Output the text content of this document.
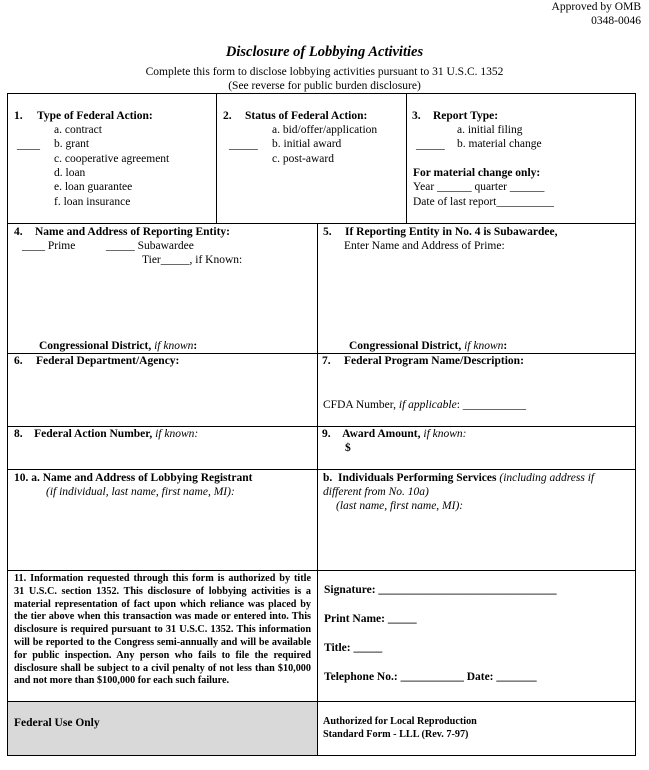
Approved by OMB
0348-0046
Disclosure of Lobbying Activities
Complete this form to disclose lobbying activities pursuant to 31 U.S.C. 1352
(See reverse for public burden disclosure)
1. Type of Federal Action:
____
a. contract
b. grant
c. cooperative agreement
d. loan
e. loan guarantee
f. loan insurance
2. Status of Federal Action:
_____
a. bid/offer/application
b. initial award
c. post-award
3. Report Type:
_____
a. initial filing
b. material change
For material change only:
Year ______ quarter ______
Date of last report__________
4. Name and Address of Reporting Entity:
____ Prime	_____ Subawardee
Tier_____, if Known:
Congressional District, if known:
5. If Reporting Entity in No. 4 is Subawardee,
Enter Name and Address of Prime:
Congressional District, if known:
6. Federal Department/Agency:	7. Federal Program Name/Description:
CFDA Number, if applicable: ___________
8. Federal Action Number, if known:	9. Award Amount, if known:
$
10. a. Name and Address of Lobbying Registrant
(if individual, last name, first name, MI):
b. Individuals Performing Services (including address if
different from No. 10a)
(last name, first name, MI):
11. Information requested through this form is authorized by title 31 U.S.C. section 1352. This disclosure of lobbying activities is a material representation of fact upon which reliance was placed by the tier above when this transaction was made or entered into. This disclosure is required pursuant to 31 U.S.C. 1352. This information will be reported to the Congress semi-annually and will be available for public inspection. Any person who fails to file the required disclosure shall be subject to a civil penalty of not less than $10,000 and not more than $100,000 for each such failure.
Signature: _______________________________
Print Name: _____
Title: _____
Telephone No.: ___________ Date: _______
Federal Use Only	Authorized for Local Reproduction
Standard Form - LLL (Rev. 7-97)
